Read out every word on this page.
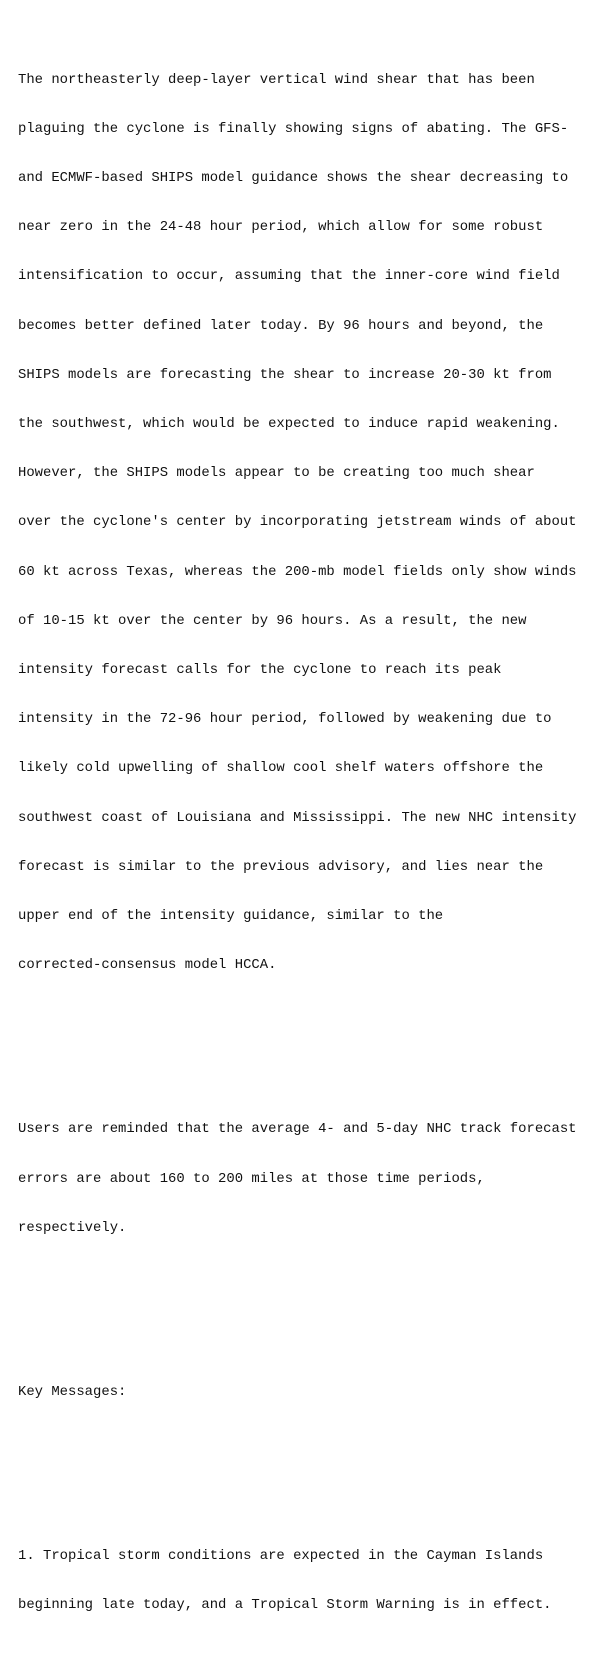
The northeasterly deep-layer vertical wind shear that has been

plaguing the cyclone is finally showing signs of abating. The GFS-

and ECMWF-based SHIPS model guidance shows the shear decreasing to

near zero in the 24-48 hour period, which allow for some robust

intensification to occur, assuming that the inner-core wind field

becomes better defined later today. By 96 hours and beyond, the

SHIPS models are forecasting the shear to increase 20-30 kt from

the southwest, which would be expected to induce rapid weakening.

However, the SHIPS models appear to be creating too much shear

over the cyclone's center by incorporating jetstream winds of about

60 kt across Texas, whereas the 200-mb model fields only show winds

of 10-15 kt over the center by 96 hours. As a result, the new

intensity forecast calls for the cyclone to reach its peak

intensity in the 72-96 hour period, followed by weakening due to

likely cold upwelling of shallow cool shelf waters offshore the

southwest coast of Louisiana and Mississippi. The new NHC intensity

forecast is similar to the previous advisory, and lies near the

upper end of the intensity guidance, similar to the

corrected-consensus model HCCA.

Users are reminded that the average 4- and 5-day NHC track forecast

errors are about 160 to 200 miles at those time periods,

respectively.

Key Messages:

1. Tropical storm conditions are expected in the Cayman Islands

beginning late today, and a Tropical Storm Warning is in effect.
